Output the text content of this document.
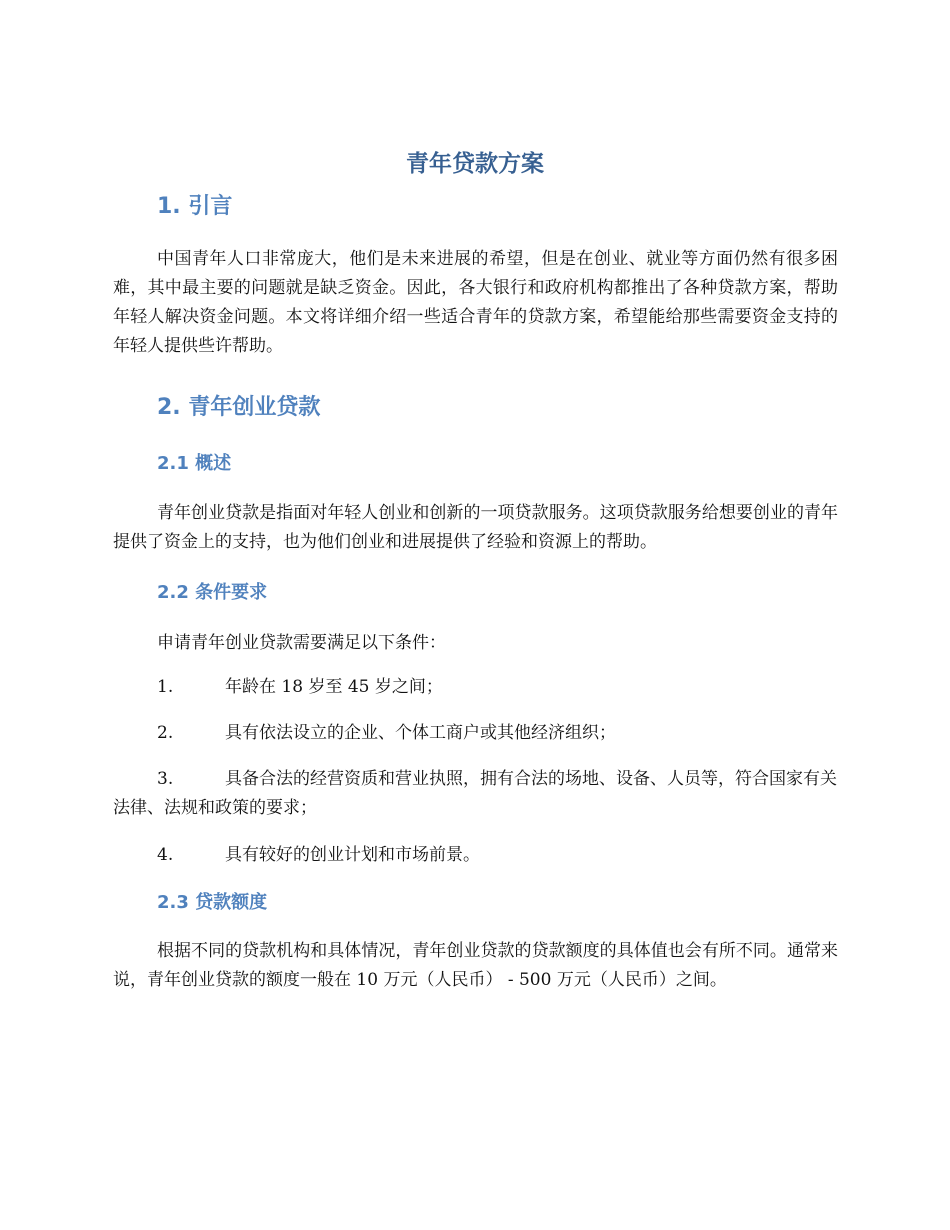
青年贷款方案
1. 引言

中国青年人口非常庞大，他们是未来进展的希望，但是在创业、就业等方面仍然有很多困难，其中最主要的问题就是缺乏资金。因此，各大银行和政府机构都推出了各种贷款方案，帮助年轻人解决资金问题。本文将详细介绍一些适合青年的贷款方案，希望能给那些需要资金支持的年轻人提供些许帮助。

2. 青年创业贷款
2.1 概述

青年创业贷款是指面对年轻人创业和创新的一项贷款服务。这项贷款服务给想要创业的青年提供了资金上的支持，也为他们创业和进展提供了经验和资源上的帮助。

2.2 条件要求

申请青年创业贷款需要满足以下条件：

1.	年龄在 18 岁至 45 岁之间；

2.	具有依法设立的企业、个体工商户或其他经济组织；

3.	具备合法的经营资质和营业执照，拥有合法的场地、设备、人员等，符合国家有关法律、法规和政策的要求；

4.	具有较好的创业计划和市场前景。

2.3 贷款额度

根据不同的贷款机构和具体情况，青年创业贷款的贷款额度的具体值也会有所不同。通常来说，青年创业贷款的额度一般在 10 万元（人民币） - 500 万元（人民币）之间。
